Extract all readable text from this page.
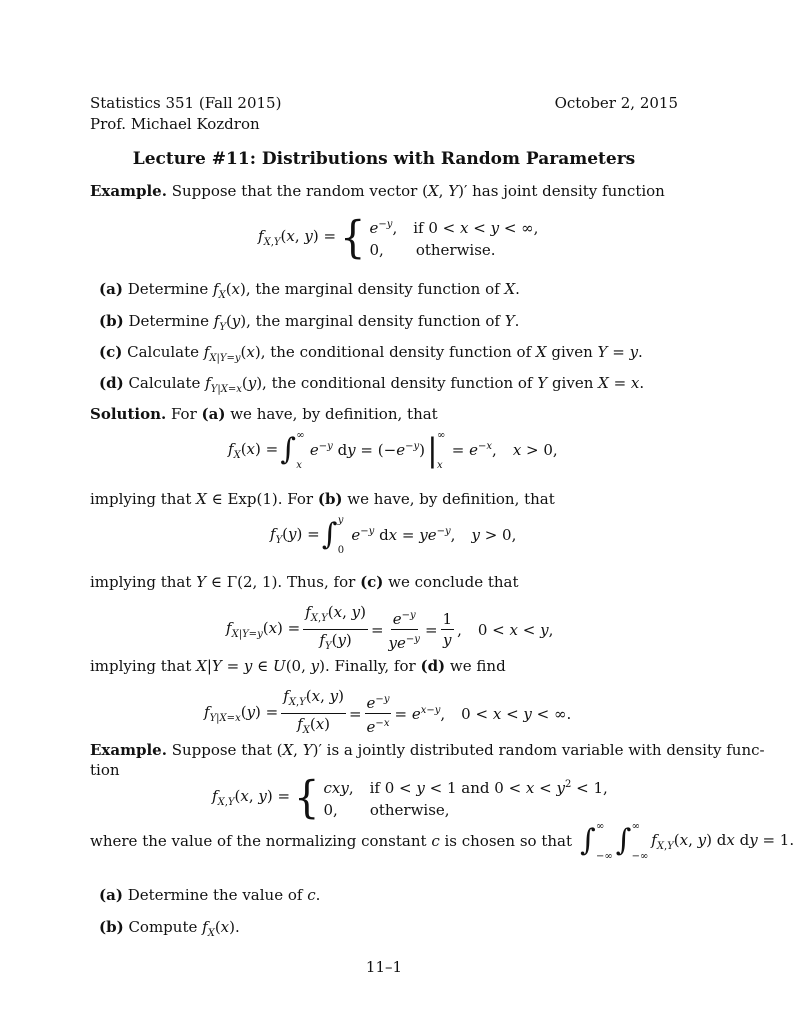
Statistics 351 (Fall 2015)
Prof. Michael Kozdron
October 2, 2015
Lecture #11: Distributions with Random Parameters
Example. Suppose that the random vector (X, Y)′ has joint density function
$f_{X,Y}(x$, y) = { $e^{-y}$, if 0 < x < y < ∞,
0, otherwise.
(a) Determine $f_X(x)$, the marginal density function of X.
(b) Determine $f_Y(y)$, the marginal density function of Y.
(c) Calculate $f_{X|Y=y}(x)$, the conditional density function of X given Y = y.
(d) Calculate $f_{Y|X=x}(y)$, the conditional density function of Y given X = x.
Solution. For (a) we have, by definition, that
$f_X(x)$ = ∫ ∞
x
$e^{-y}$ dy = $(-e^{-y})$ | ∞
x
= $e^{-x}$, x > 0,
implying that X ∈ Exp(1). For (b) we have, by definition, that
$f_Y(y)$ = ∫ y
0
$e^{-y}$ dx = $ye^{-y}$, y > 0,
implying that Y ∈ Γ(2, 1). Thus, for (c) we conclude that
$f_{X|Y=y}(x) = \frac{f_{X,Y}(x, y)}{f_Y(y)} = \frac{e^{-y}}{ye^{-y}} = \frac{1}{y}$ , 0 < x < y,
implying that X|Y = y ∈ U(0, y). Finally, for (d) we find
$f_{Y|X=x}(y) = \frac{f_{X,Y}(x, y)}{f_X(x)} = \frac{e^{-y}}{e^{-x}} = e^{x-y}$, 0 < x < y < ∞.
Example. Suppose that (X, Y)′ is a jointly distributed random variable with density func-
tion
$f_{X,Y}(x$, y) = { cxy, if 0 < y < 1 and $0 < x < y^2 < 1$,
0, otherwise,
where the value of the normalizing constant c is chosen so that ∫ ∞
−∞ ∫ ∞
−∞
$f_{X,Y}(x$, y) dx dy = 1.
(a) Determine the value of c.
(b) Compute $f_X(x)$.
11–1
